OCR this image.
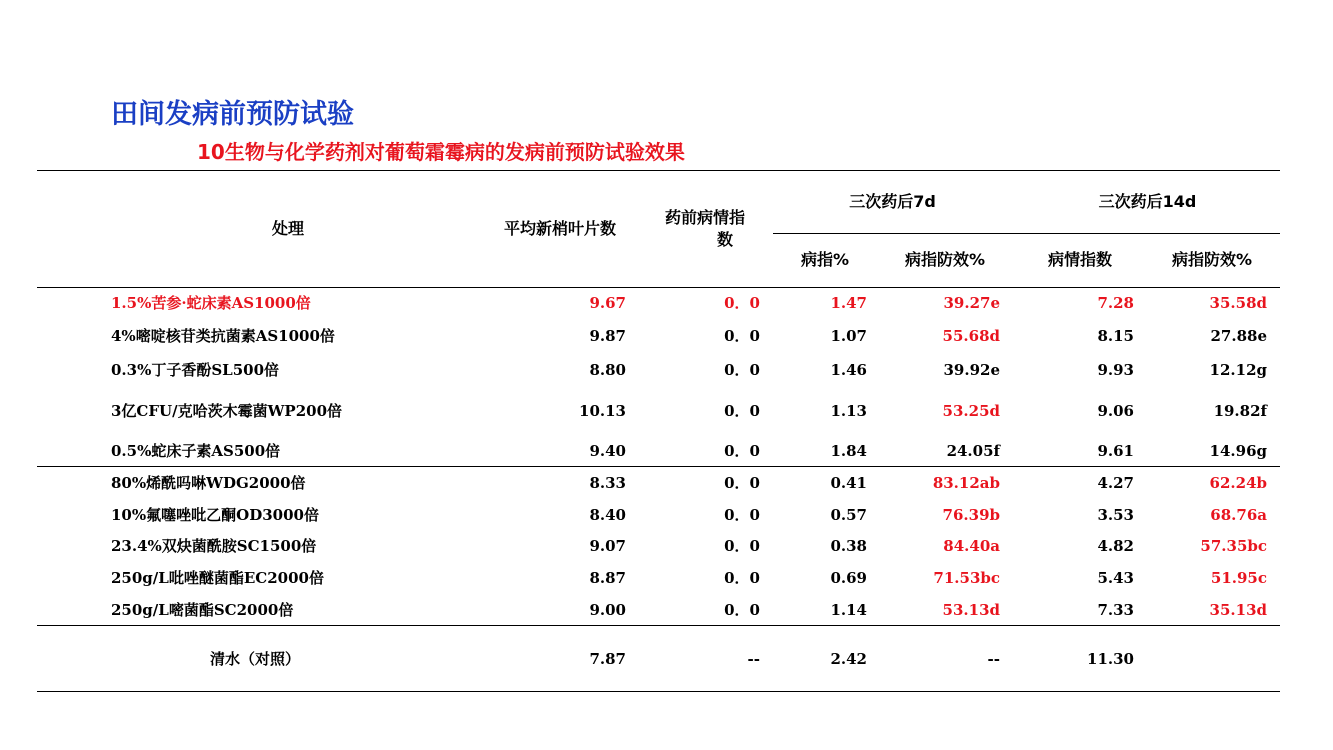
田间发病前预防试验
10生物与化学药剂对葡萄霜霉病的发病前预防试验效果
处理	平均新梢叶片数
药前病情指
数
三次药后7d	三次药后14d
病指%	病指防效%	病情指数	病指防效%
1.5%苦参·蛇床素AS1000倍	9.67	0．0	1.47	39.27e	7.28	35.58d
4%嘧啶核苷类抗菌素AS1000倍	9.87	0．0	1.07	55.68d	8.15	27.88e
0.3%丁子香酚SL500倍	8.80	0．0	1.46	39.92e	9.93	12.12g
3亿CFU/克哈茨木霉菌WP200倍	10.13	0．0	1.13	53.25d	9.06	19.82f
0.5%蛇床子素AS500倍	9.40	0．0	1.84	24.05f	9.61	14.96g
80%烯酰吗啉WDG2000倍	8.33	0．0	0.41	83.12ab	4.27	62.24b
10%氟噻唑吡乙酮OD3000倍	8.40	0．0	0.57	76.39b	3.53	68.76a
23.4%双炔菌酰胺SC1500倍	9.07	0．0	0.38	84.40a	4.82	57.35bc
250g/L吡唑醚菌酯EC2000倍	8.87	0．0	0.69	71.53bc	5.43	51.95c
250g/L嘧菌酯SC2000倍	9.00	0．0	1.14	53.13d	7.33	35.13d
清水（对照）	7.87	--	2.42	--	11.30
